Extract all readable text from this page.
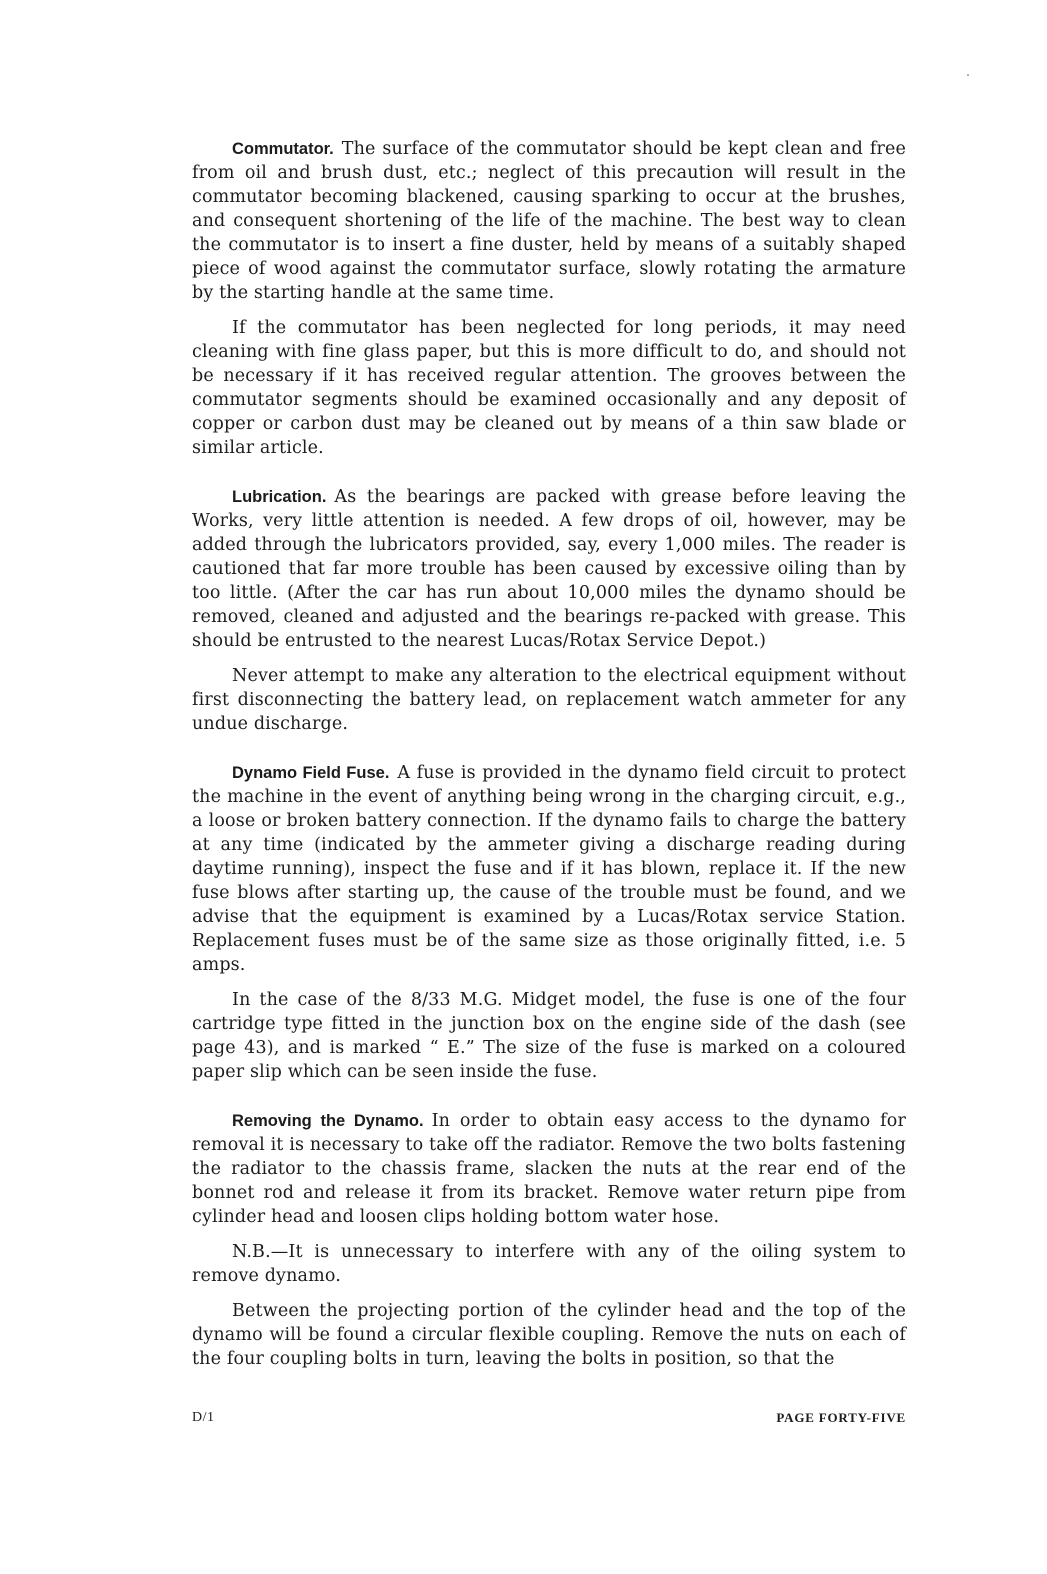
Commutator. The surface of the commutator should be kept clean and free from oil and brush dust, etc.; neglect of this precaution will result in the commutator becoming blackened, causing sparking to occur at the brushes, and consequent shortening of the life of the machine. The best way to clean the commutator is to insert a fine duster, held by means of a suitably shaped piece of wood against the commutator surface, slowly rotating the armature by the starting handle at the same time.

If the commutator has been neglected for long periods, it may need cleaning with fine glass paper, but this is more difficult to do, and should not be necessary if it has received regular attention. The grooves between the commutator segments should be examined occasionally and any deposit of copper or carbon dust may be cleaned out by means of a thin saw blade or similar article.

Lubrication. As the bearings are packed with grease before leaving the Works, very little attention is needed. A few drops of oil, however, may be added through the lubricators provided, say, every 1,000 miles. The reader is cautioned that far more trouble has been caused by excessive oiling than by too little. (After the car has run about 10,000 miles the dynamo should be removed, cleaned and adjusted and the bearings re-packed with grease. This should be entrusted to the nearest Lucas/Rotax Service Depot.)

Never attempt to make any alteration to the electrical equipment without first disconnecting the battery lead, on replacement watch ammeter for any undue discharge.

Dynamo Field Fuse. A fuse is provided in the dynamo field circuit to protect the machine in the event of anything being wrong in the charging circuit, e.g., a loose or broken battery connection. If the dynamo fails to charge the battery at any time (indicated by the ammeter giving a discharge reading during daytime running), inspect the fuse and if it has blown, replace it. If the new fuse blows after starting up, the cause of the trouble must be found, and we advise that the equipment is examined by a Lucas/Rotax service Station. Replacement fuses must be of the same size as those originally fitted, i.e. 5 amps.

In the case of the 8/33 M.G. Midget model, the fuse is one of the four cartridge type fitted in the junction box on the engine side of the dash (see page 43), and is marked “ E.” The size of the fuse is marked on a coloured paper slip which can be seen inside the fuse.

Removing the Dynamo. In order to obtain easy access to the dynamo for removal it is necessary to take off the radiator. Remove the two bolts fastening the radiator to the chassis frame, slacken the nuts at the rear end of the bonnet rod and release it from its bracket. Remove water return pipe from cylinder head and loosen clips holding bottom water hose.

N.B.—It is unnecessary to interfere with any of the oiling system to remove dynamo.

Between the projecting portion of the cylinder head and the top of the dynamo will be found a circular flexible coupling. Remove the nuts on each of the four coupling bolts in turn, leaving the bolts in position, so that the

D/1	PAGE FORTY-FIVE
